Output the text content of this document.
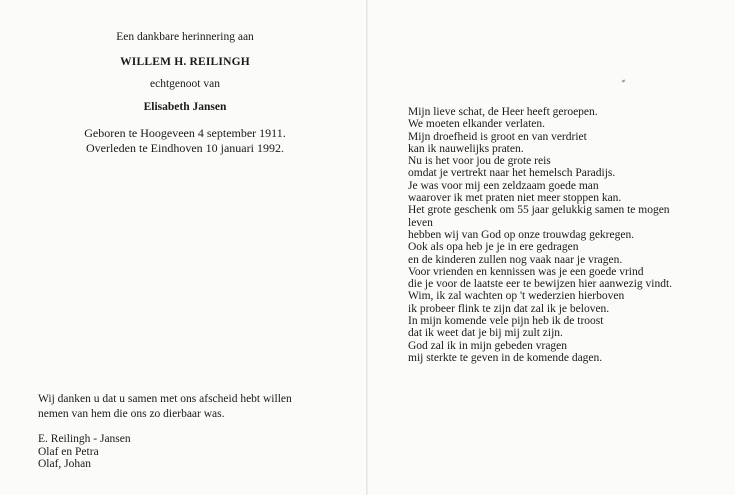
Een dankbare herinnering aan
WILLEM H. REILINGH
echtgenoot van
Elisabeth Jansen
Geboren te Hoogeveen 4 september 1911.
Overleden te Eindhoven 10 januari 1992.
Wij danken u dat u samen met ons afscheid hebt willen
nemen van hem die ons zo dierbaar was.
E. Reilingh - Jansen
Olaf en Petra
Olaf, Johan
Mijn lieve schat, de Heer heeft geroepen.
We moeten elkander verlaten.
Mijn droefheid is groot en van verdriet
kan ik nauwelijks praten.
Nu is het voor jou de grote reis
omdat je vertrekt naar het hemelsch Paradijs.
Je was voor mij een zeldzaam goede man
waarover ik met praten niet meer stoppen kan.
Het grote geschenk om 55 jaar gelukkig samen te mogen
leven
hebben wij van God op onze trouwdag gekregen.
Ook als opa heb je je in ere gedragen
en de kinderen zullen nog vaak naar je vragen.
Voor vrienden en kennissen was je een goede vrind
die je voor de laatste eer te bewijzen hier aanwezig vindt.
Wim, ik zal wachten op 't wederzien hierboven
ik probeer flink te zijn dat zal ik je beloven.
In mijn komende vele pijn heb ik de troost
dat ik weet dat je bij mij zult zijn.
God zal ik in mijn gebeden vragen
mij sterkte te geven in de komende dagen.
